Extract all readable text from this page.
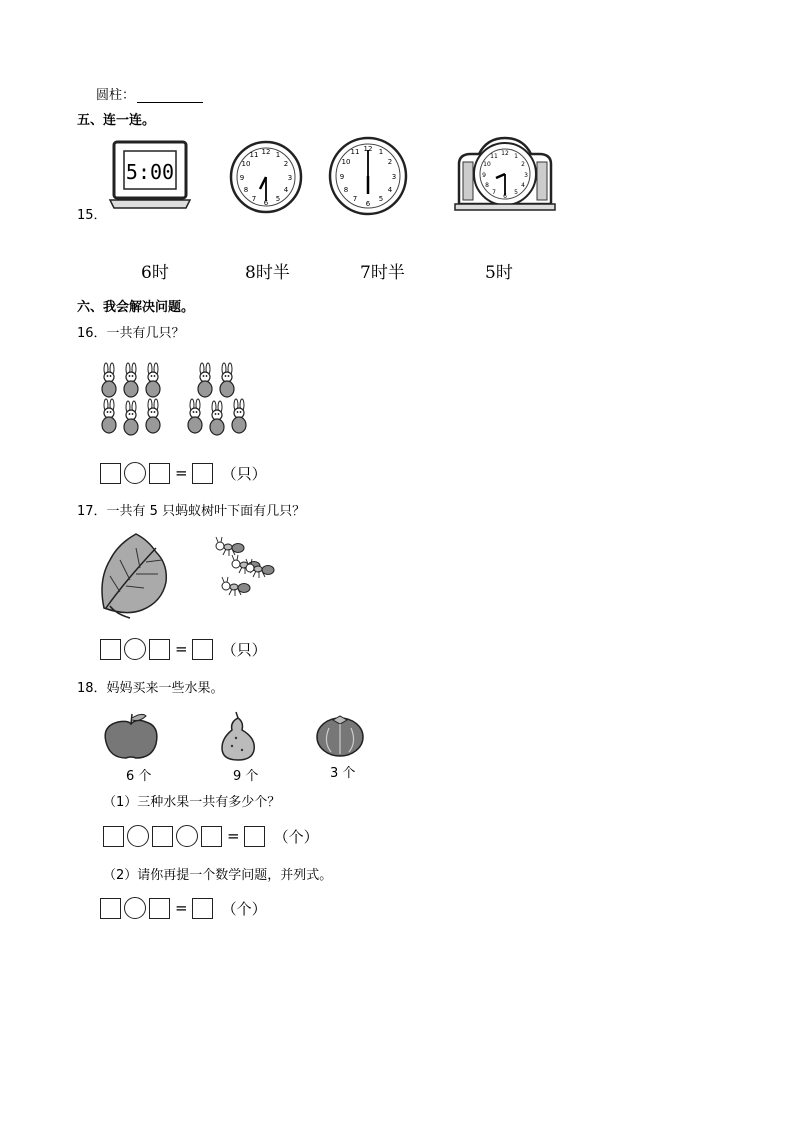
圆柱：
五、连一连。
15．
5:00
12 1
2
3
4
5
6
7
8
9
10
11
12 1
2
3
4
5
6
7
8
9
10
11	12 1
2
3
4
5
6
7
8
9
10
11
6时	8时半	7时半	5时
六、我会解决问题。
16．一共有几只？
= （只）
17．一共有 5 只蚂蚁树叶下面有几只？
= （只）
18．妈妈买来一些水果。
6 个	9 个	3 个
（1）三种水果一共有多少个？
= （个）
（2）请你再提一个数学问题，并列式。
= （个）
